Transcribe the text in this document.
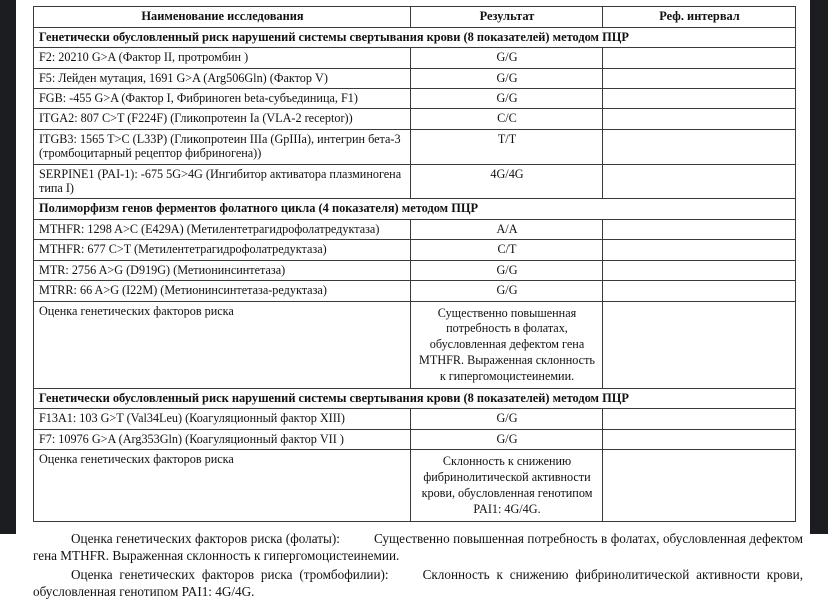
Наименование исследования	Результат	Реф. интервал
Генетически обусловленный риск нарушений системы свертывания крови (8 показателей) методом ПЦР		
F2: 20210 G>A (Фактор II, протромбин )	G/G	
F5: Лейден мутация, 1691 G>A (Arg506Gln) (Фактор V)	G/G	
FGB: -455 G>A (Фактор I, Фибриноген beta-субъединица, F1)	G/G	
ITGA2: 807 C>T (F224F) (Гликопротеин Ia (VLA-2 receptor))	C/C	
ITGB3: 1565 T>C (L33P) (Гликопротеин IIIa (GpIIIa), интегрин бета-3 (тромбоцитарный рецептор фибриногена))	T/T	
SERPINE1 (PAI-1): -675 5G>4G (Ингибитор активатора плазминогена типа I)	4G/4G	
Полиморфизм генов ферментов фолатного цикла (4 показателя) методом ПЦР		
MTHFR: 1298 A>C (E429A) (Метилентетрагидрофолатредуктаза)	A/A	
MTHFR: 677 C>T (Метилентетрагидрофолатредуктаза)	C/T	
MTR: 2756 A>G (D919G) (Метионинсинтетаза)	G/G	
MTRR: 66 A>G (I22M) (Метионинсинтетаза-редуктаза)	G/G	
Оценка генетических факторов риска	Существенно повышенная потребность в фолатах, обусловленная дефектом гена MTHFR. Выраженная склонность к гипергомоцистеинемии.	
Генетически обусловленный риск нарушений системы свертывания крови (8 показателей) методом ПЦР		
F13A1: 103 G>T (Val34Leu) (Коагуляционный фактор XIII)	G/G	
F7: 10976 G>A (Arg353Gln) (Коагуляционный фактор VII )	G/G	
Оценка генетических факторов риска	Склонность к снижению фибринолитической активности крови, обусловленная генотипом PAI1: 4G/4G.	

Оценка генетических факторов риска (фолаты):	Существенно повышенная потребность в фолатах, обусловленная дефектом гена MTHFR. Выраженная склонность к гипергомоцистеинемии.

Оценка генетических факторов риска (тромбофилии):	Склонность к снижению фибринолитической активности крови, обусловленная генотипом PAI1: 4G/4G.
